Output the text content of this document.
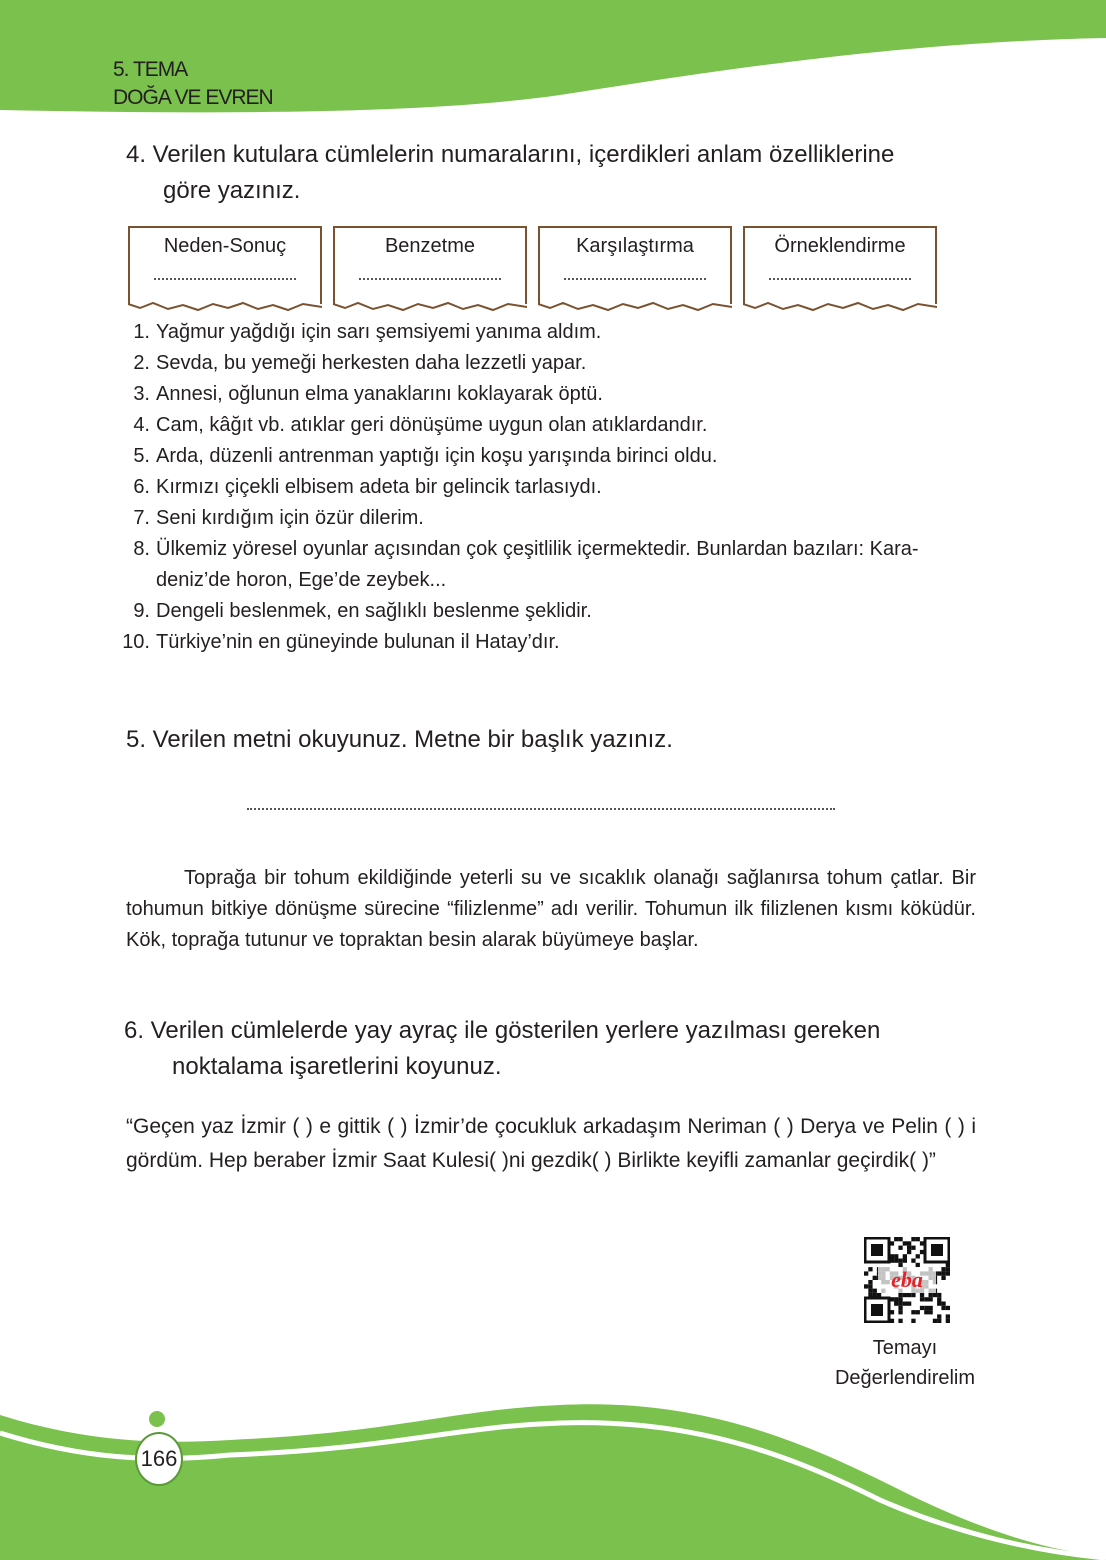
5. TEMA
DOĞA VE EVREN
4. Verilen kutulara cümlelerin numaralarını, içerdikleri anlam özelliklerine
göre yazınız.
Neden-Sonuç	Benzetme	Karşılaştırma	Örneklendirme
1. Yağmur yağdığı için sarı şemsiyemi yanıma aldım.
2. Sevda, bu yemeği herkesten daha lezzetli yapar.
3. Annesi, oğlunun elma yanaklarını koklayarak öptü.
4. Cam, kâğıt vb. atıklar geri dönüşüme uygun olan atıklardandır.
5. Arda, düzenli antrenman yaptığı için koşu yarışında birinci oldu.
6. Kırmızı çiçekli elbisem adeta bir gelincik tarlasıydı.
7. Seni kırdığım için özür dilerim.
8. Ülkemiz yöresel oyunlar açısından çok çeşitlilik içermektedir. Bunlardan bazıları: Kara-
deniz’de horon, Ege’de zeybek...
9. Dengeli beslenmek, en sağlıklı beslenme şeklidir.
10. Türkiye’nin en güneyinde bulunan il Hatay’dır.
5. Verilen metni okuyunuz. Metne bir başlık yazınız.
Toprağa bir tohum ekildiğinde yeterli su ve sıcaklık olanağı sağlanırsa tohum çatlar. Bir tohumun bitkiye dönüşme sürecine “filizlenme” adı verilir. Tohumun ilk filizlenen kısmı köküdür. Kök, toprağa tutunur ve topraktan besin alarak büyümeye başlar.
6. Verilen cümlelerde yay ayraç ile gösterilen yerlere yazılması gereken
noktalama işaretlerini koyunuz.
“Geçen yaz İzmir ( ) e gittik ( ) İzmir’de çocukluk arkadaşım Neriman ( ) Derya ve Pelin ( ) i gördüm. Hep beraber İzmir Saat Kulesi( )ni gezdik( ) Birlikte keyifli zamanlar geçirdik( )”
eba
Temayı
Değerlendirelim
166
